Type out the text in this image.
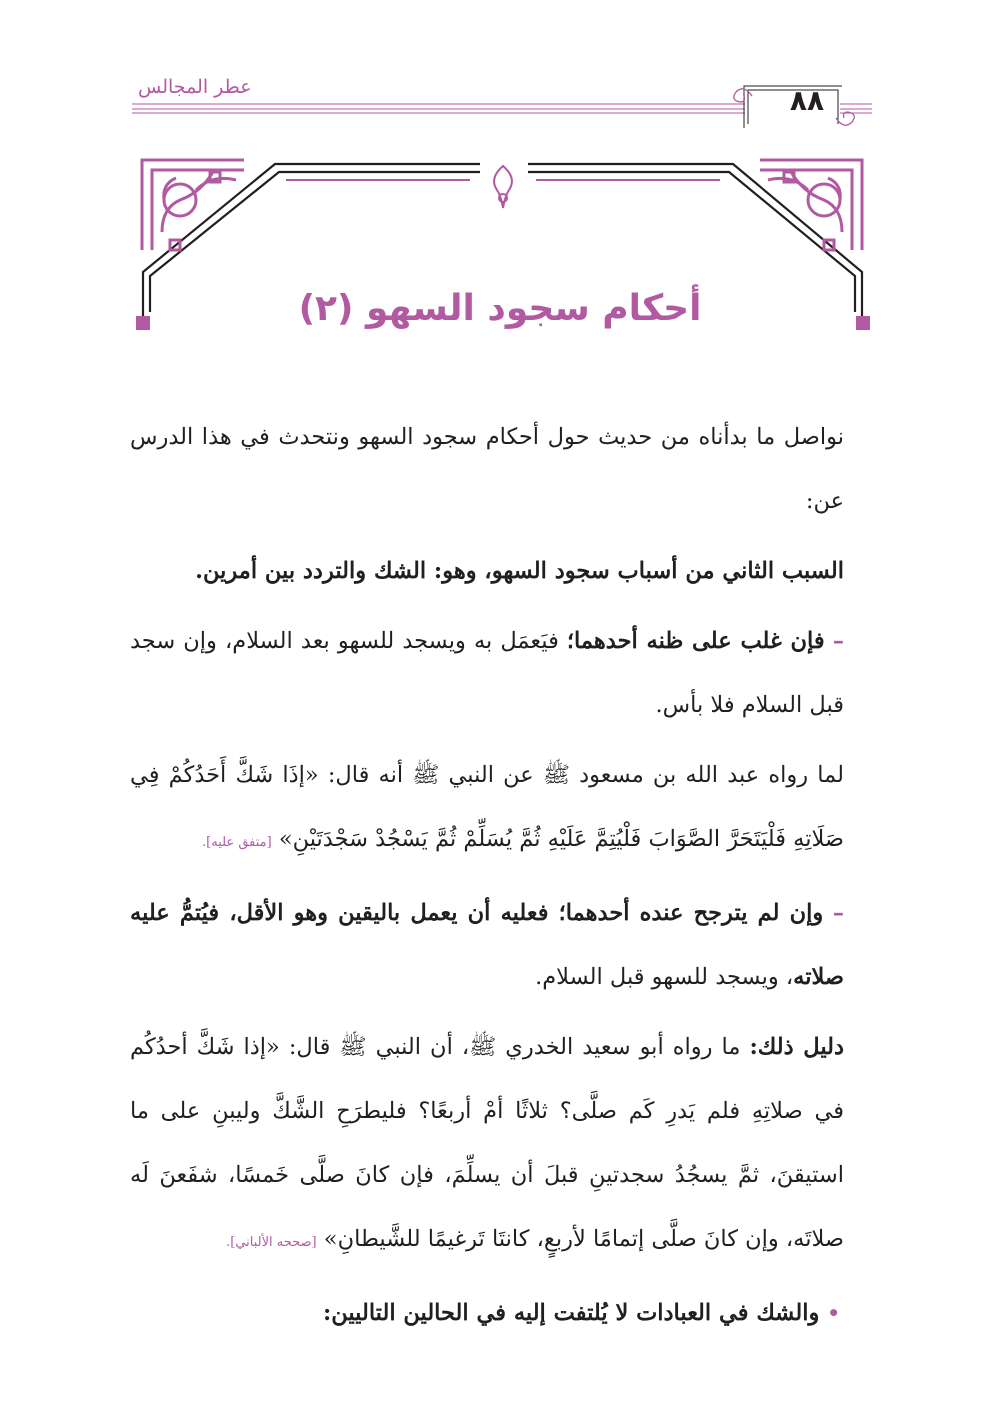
عطر المجالس	٨٨
أحكام سجود السهو (٢)

نواصل ما بدأناه من حديث حول أحكام سجود السهو ونتحدث في هذا الدرس عن:

السبب الثاني من أسباب سجود السهو، وهو: الشك والتردد بين أمرين.

– فإن غلب على ظنه أحدهما؛ فيَعمَل به ويسجد للسهو بعد السلام، وإن سجد قبل السلام فلا بأس.

لما رواه عبد الله بن مسعود ﷺ عن النبي ﷺ أنه قال: «إذَا شَكَّ أَحَدُكُمْ فِي صَلَاتِهِ فَلْيَتَحَرَّ الصَّوَابَ فَلْيُتِمَّ عَلَيْهِ ثُمَّ يُسَلِّمْ ثُمَّ يَسْجُدْ سَجْدَتَيْنِ» [متفق عليه].

– وإن لم يترجح عنده أحدهما؛ فعليه أن يعمل باليقين وهو الأقل، فيُتمُّ عليه صلاته، ويسجد للسهو قبل السلام.

دليل ذلك: ما رواه أبو سعيد الخدري ﷺ، أن النبي ﷺ قال: «إذا شَكَّ أحدُكُم في صلاتِهِ فلم يَدرِ كَم صلَّى؟ ثلاثًا أمْ أربعًا؟ فليطرَحِ الشَّكَّ وليبنِ على ما استيقنَ، ثمَّ يسجُدُ سجدتينِ قبلَ أن يسلِّمَ، فإن كانَ صلَّى خَمسًا، شفَعنَ لَه صلاتَه، وإن كانَ صلَّى إتمامًا لأربعٍ، كانتَا تَرغيمًا للشَّيطانِ» [صححه الألباني].

• والشك في العبادات لا يُلتفت إليه في الحالين التاليين:
